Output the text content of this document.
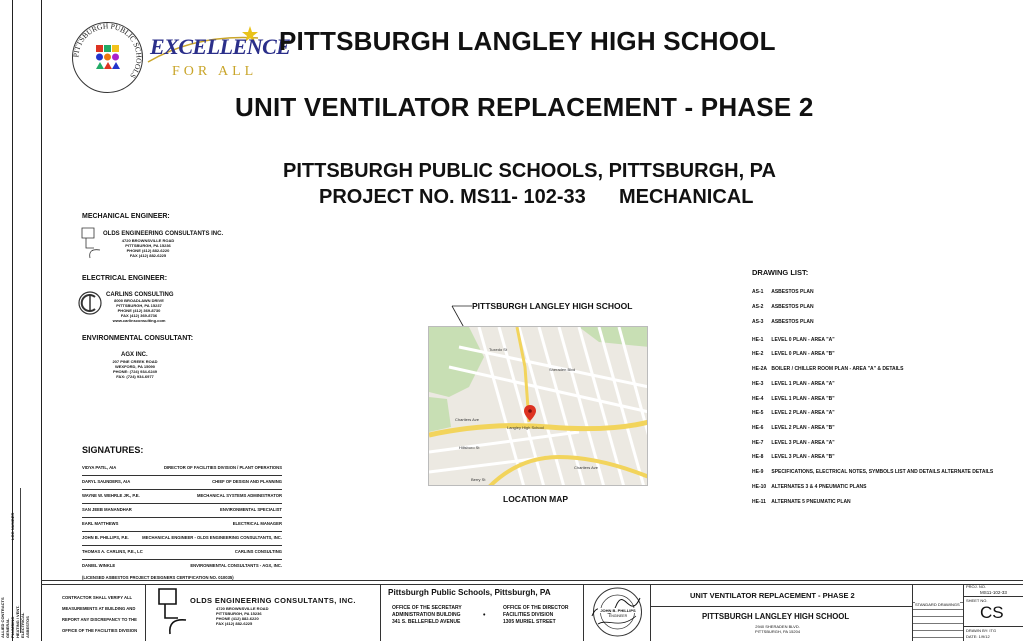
LOG NUMBER
ALLIED CONTRACTS GENERAL PLUMBING HEATING / VENT. ELECTRICAL ASBESTOS
PITTSBURGH PUBLIC SCHOOLS
EXCELLENCE
FOR ALL
PITTSBURGH LANGLEY HIGH SCHOOL
UNIT VENTILATOR REPLACEMENT - PHASE 2
PITTSBURGH PUBLIC SCHOOLS, PITTSBURGH, PA
PROJECT NO. MS11- 102-33 MECHANICAL
MECHANICAL ENGINEER:
OLDS ENGINEERING CONSULTANTS INC.
4720 BROWNSVILLE ROAD
PITTSBURGH, PA 15236
PHONE (412) 882-6220
FAX (412) 882-6225
ELECTRICAL ENGINEER:
CARLINS CONSULTING
8000 BROADLAWN DRIVE
PITTSBURGH, PA 15237
PHONE (412) 369-8730
FAX (412) 369-8736
www.carlinsconsulting.com
ENVIRONMENTAL CONSULTANT:
AGX INC.
207 PINE CREEK ROAD
WEXFORD, PA 15090
PHONE: (724) 934-6249
FAX: (724) 934-6977
SIGNATURES:
VIDYA PATIL, AIA	DIRECTOR OF FACILITIES DIVISION / PLANT OPERATIONS
DARYL SAUNDERS, AIA	CHIEF OF DESIGN AND PLANNING
WAYNE W. WEHRLE JR., P.E.	MECHANICAL SYSTEMS ADMINISTRATOR
SAN JEEB MANANDHAR	ENVIRONMENTAL SPECIALIST
EARL MATTHEWS	ELECTRICAL MANAGER
JOHN B. PHILLIPS, P.E.	MECHANICAL ENGINEER - OLDS ENGINEERING CONSULTANTS, INC.
THOMAS A. CARLINS, P.E., LC	CARLINS CONSULTING
DANIEL WINKLE	ENVIRONMENTAL CONSULTANTS - AGX, INC.
(LICENSED ASBESTOS PROJECT DESIGNERS CERTIFICATION NO. 010035)
PITTSBURGH LANGLEY HIGH SCHOOL
Chartiers Ave
Chartiers Ave
Berry St
Sheraden Blvd
Hillsboro St
Tuxedo St
Langley High School
LOCATION MAP
DRAWING LIST:
AS-1 ASBESTOS PLAN
AS-2 ASBESTOS PLAN
AS-3 ASBESTOS PLAN
HE-1 LEVEL 0 PLAN - AREA "A"
HE-2 LEVEL 0 PLAN - AREA "B"
HE-2A BOILER / CHILLER ROOM PLAN - AREA "A" & DETAILS
HE-3 LEVEL 1 PLAN - AREA "A"
HE-4 LEVEL 1 PLAN - AREA "B"
HE-5 LEVEL 2 PLAN - AREA "A"
HE-6 LEVEL 2 PLAN - AREA "B"
HE-7 LEVEL 3 PLAN - AREA "A"
HE-8 LEVEL 3 PLAN - AREA "B"
HE-9 SPECIFICATIONS, ELECTRICAL NOTES, SYMBOLS LIST AND DETAILS ALTERNATE DETAILS
HE-10 ALTERNATES 3 & 4 PNEUMATIC PLANS
HE-11 ALTERNATE 5 PNEUMATIC PLAN
STANDARD DRAWINGS
CONTRACTOR SHALL VERIFY ALL
MEASUREMENTS AT BUILDING AND
REPORT ANY DISCREPANCY TO THE
OFFICE OF THE FACILITIES DIVISION
OLDS ENGINEERING CONSULTANTS, INC.
4720 BROWNSVILLE ROAD
PITTSBURGH, PA 15236
PHONE (412) 882-6220
FAX (412) 882-6225
Pittsburgh Public Schools, Pittsburgh, PA
OFFICE OF THE SECRETARY
ADMINISTRATION BUILDING
341 S. BELLEFIELD AVENUE
•
OFFICE OF THE DIRECTOR
FACILITIES DIVISION
1305 MURIEL STREET
JOHN B. PHILLIPS
ENGINEER
UNIT VENTILATOR REPLACEMENT - PHASE 2
PITTSBURGH LANGLEY HIGH SCHOOL
2940 SHERADEN BLVD.
PITTSBURGH, PA 15204
PROJ. NO.
MS11-102-33
SHEET NO.
CS
DRAWN BY: ITG
DATE: 1/9/12
